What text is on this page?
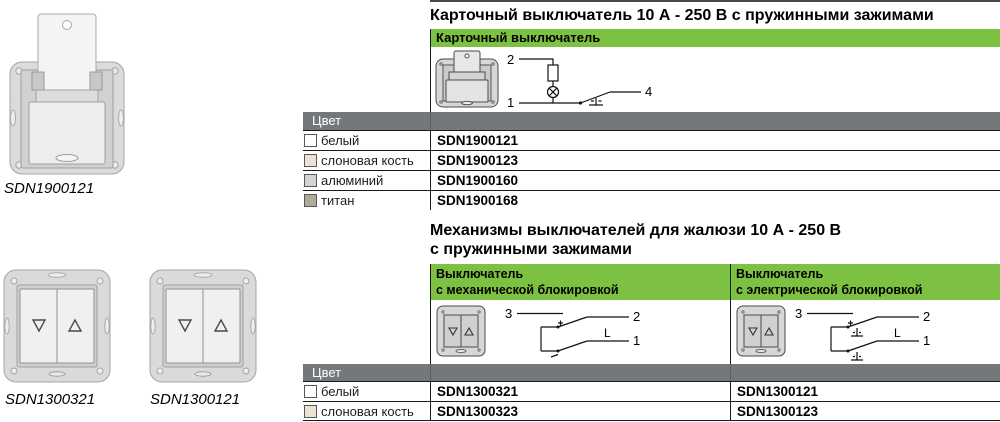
SDN1900121
SDN1300321	SDN1300121
Карточный выключатель 10 А - 250 В с пружинными зажимами
Карточный выключатель
2
1
4
Цвет
белый	SDN1900121
слоновая кость	SDN1900123
алюминий	SDN1900160
титан	SDN1900168
Механизмы выключателей для жалюзи 10 А - 250 В
с пружинными зажимами
Выключатель
с механической блокировкой
Выключатель
с электрической блокировкой
3	2
1
L
3	2
1
L
Цвет
белый	SDN1300321	SDN1300121
слоновая кость	SDN1300323	SDN1300123
